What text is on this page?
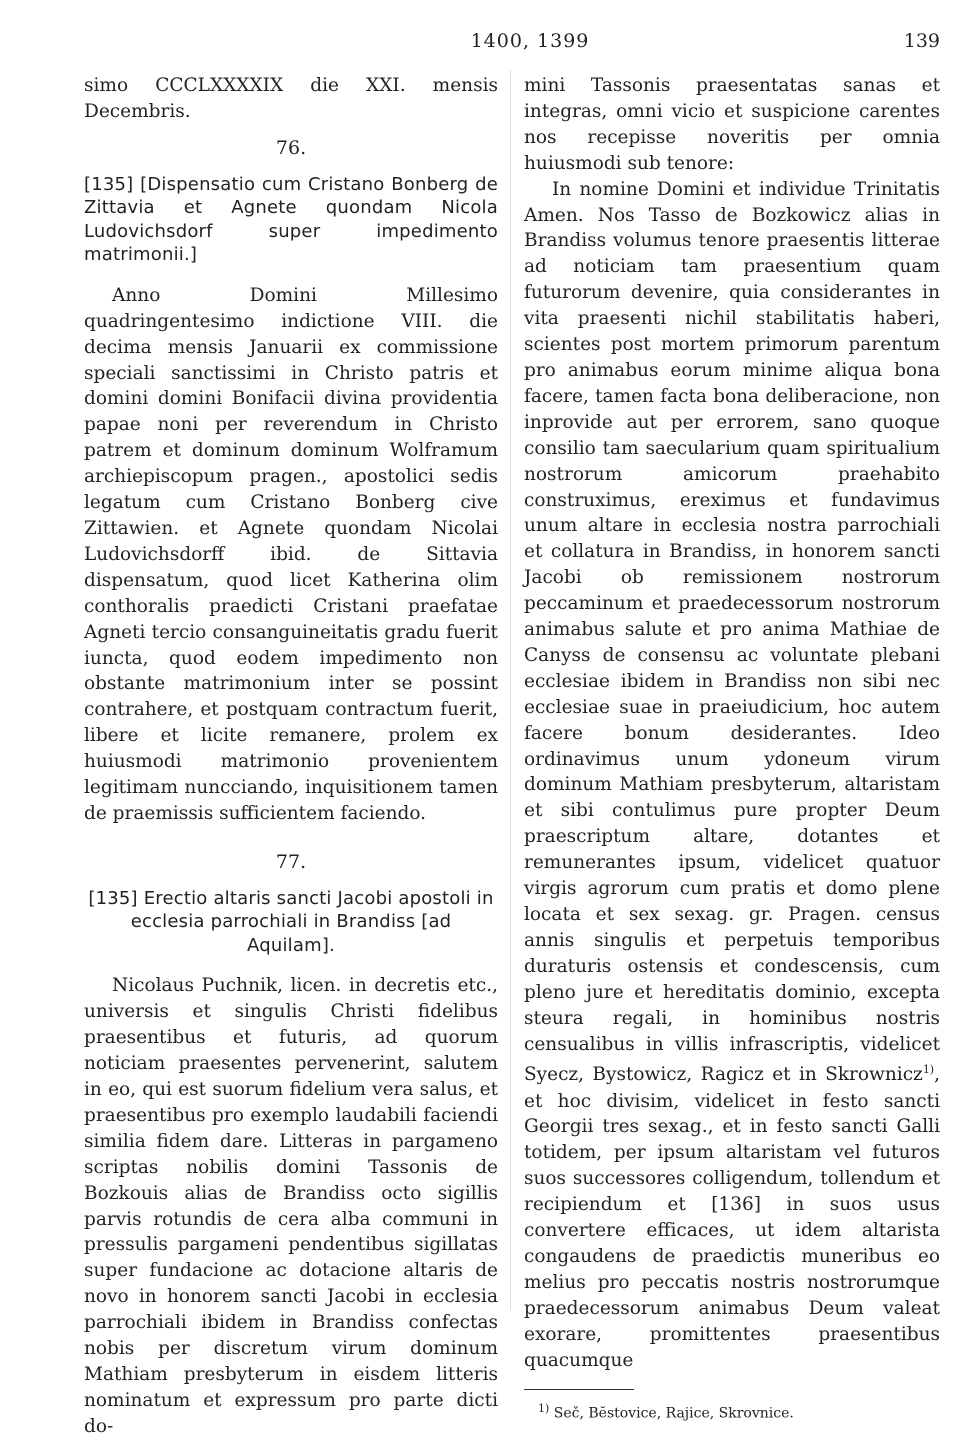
1400, 1399	139

simo CCCLXXXXIX die XXI. mensis Decembris.

76.
[135] [Dispensatio cum Cristano Bonberg de Zittavia et Agnete quondam Nicola Ludovichsdorf super impedimento matrimonii.]

Anno Domini Millesimo quadringentesimo indictione VIII. die decima mensis Januarii ex commissione speciali sanctissimi in Christo patris et domini domini Bonifacii divina providentia papae noni per reverendum in Christo patrem et dominum dominum Wolframum archiepiscopum pragen., apostolici sedis legatum cum Cristano Bonberg cive Zittawien. et Agnete quondam Nicolai Ludovichsdorff ibid. de Sittavia dispensatum, quod licet Katherina olim conthoralis praedicti Cristani praefatae Agneti tercio consanguineitatis gradu fuerit iuncta, quod eodem impedimento non obstante matrimonium inter se possint contrahere, et postquam contractum fuerit, libere et licite remanere, prolem ex huiusmodi matrimonio provenientem legitimam nuncciando, inquisitionem tamen de praemissis sufficientem faciendo.

77.
[135] Erectio altaris sancti Jacobi apostoli in ecclesia parrochiali in Brandiss [ad Aquilam].

Nicolaus Puchnik, licen. in decretis etc., universis et singulis Christi fidelibus praesentibus et futuris, ad quorum noticiam praesentes pervenerint, salutem in eo, qui est suorum fidelium vera salus, et praesentibus pro exemplo laudabili faciendi similia fidem dare. Litteras in pargameno scriptas nobilis domini Tassonis de Bozkouis alias de Brandiss octo sigillis parvis rotundis de cera alba communi in pressulis pargameni pendentibus sigillatas super fundacione ac dotacione altaris de novo in honorem sancti Jacobi in ecclesia parrochiali ibidem in Brandiss confectas nobis per discretum virum dominum Mathiam presbyterum in eisdem litteris nominatum et expressum pro parte dicti do-

mini Tassonis praesentatas sanas et integras, omni vicio et suspicione carentes nos recepisse noveritis per omnia huiusmodi sub tenore:

In nomine Domini et individue Trinitatis Amen. Nos Tasso de Bozkowicz alias in Brandiss volumus tenore praesentis litterae ad noticiam tam praesentium quam futurorum devenire, quia considerantes in vita praesenti nichil stabilitatis haberi, scientes post mortem primorum parentum pro animabus eorum minime aliqua bona facere, tamen facta bona deliberacione, non inprovide aut per errorem, sano quoque consilio tam saecularium quam spiritualium nostrorum amicorum praehabito construximus, ereximus et fundavimus unum altare in ecclesia nostra parrochiali et collatura in Brandiss, in honorem sancti Jacobi ob remissionem nostrorum peccaminum et praedecessorum nostrorum animabus salute et pro anima Mathiae de Canyss de consensu ac voluntate plebani ecclesiae ibidem in Brandiss non sibi nec ecclesiae suae in praeiudicium, hoc autem facere bonum desiderantes. Ideo ordinavimus unum ydoneum virum dominum Mathiam presbyterum, altaristam et sibi contulimus pure propter Deum praescriptum altare, dotantes et remunerantes ipsum, videlicet quatuor virgis agrorum cum pratis et domo plene locata et sex sexag. gr. Pragen. census annis singulis et perpetuis temporibus duraturis ostensis et condescensis, cum pleno jure et hereditatis dominio, excepta steura regali, in hominibus nostris censualibus in villis infrascriptis, videlicet Syecz, Bystowicz, Ragicz et in Skrownicz$^{1)}$, et hoc divisim, videlicet in festo sancti Georgii tres sexag., et in festo sancti Galli totidem, per ipsum altaristam vel futuros suos successores colligendum, tollendum et recipiendum et [136] in suos usus convertere efficaces, ut idem altarista congaudens de praedictis muneribus eo melius pro peccatis nostris nostrorumque praedecessorum animabus Deum valeat exorare, promittentes praesentibus quacumque

$^{1)}$ Seč, Bĕstovice, Rajice, Skrovnice.
